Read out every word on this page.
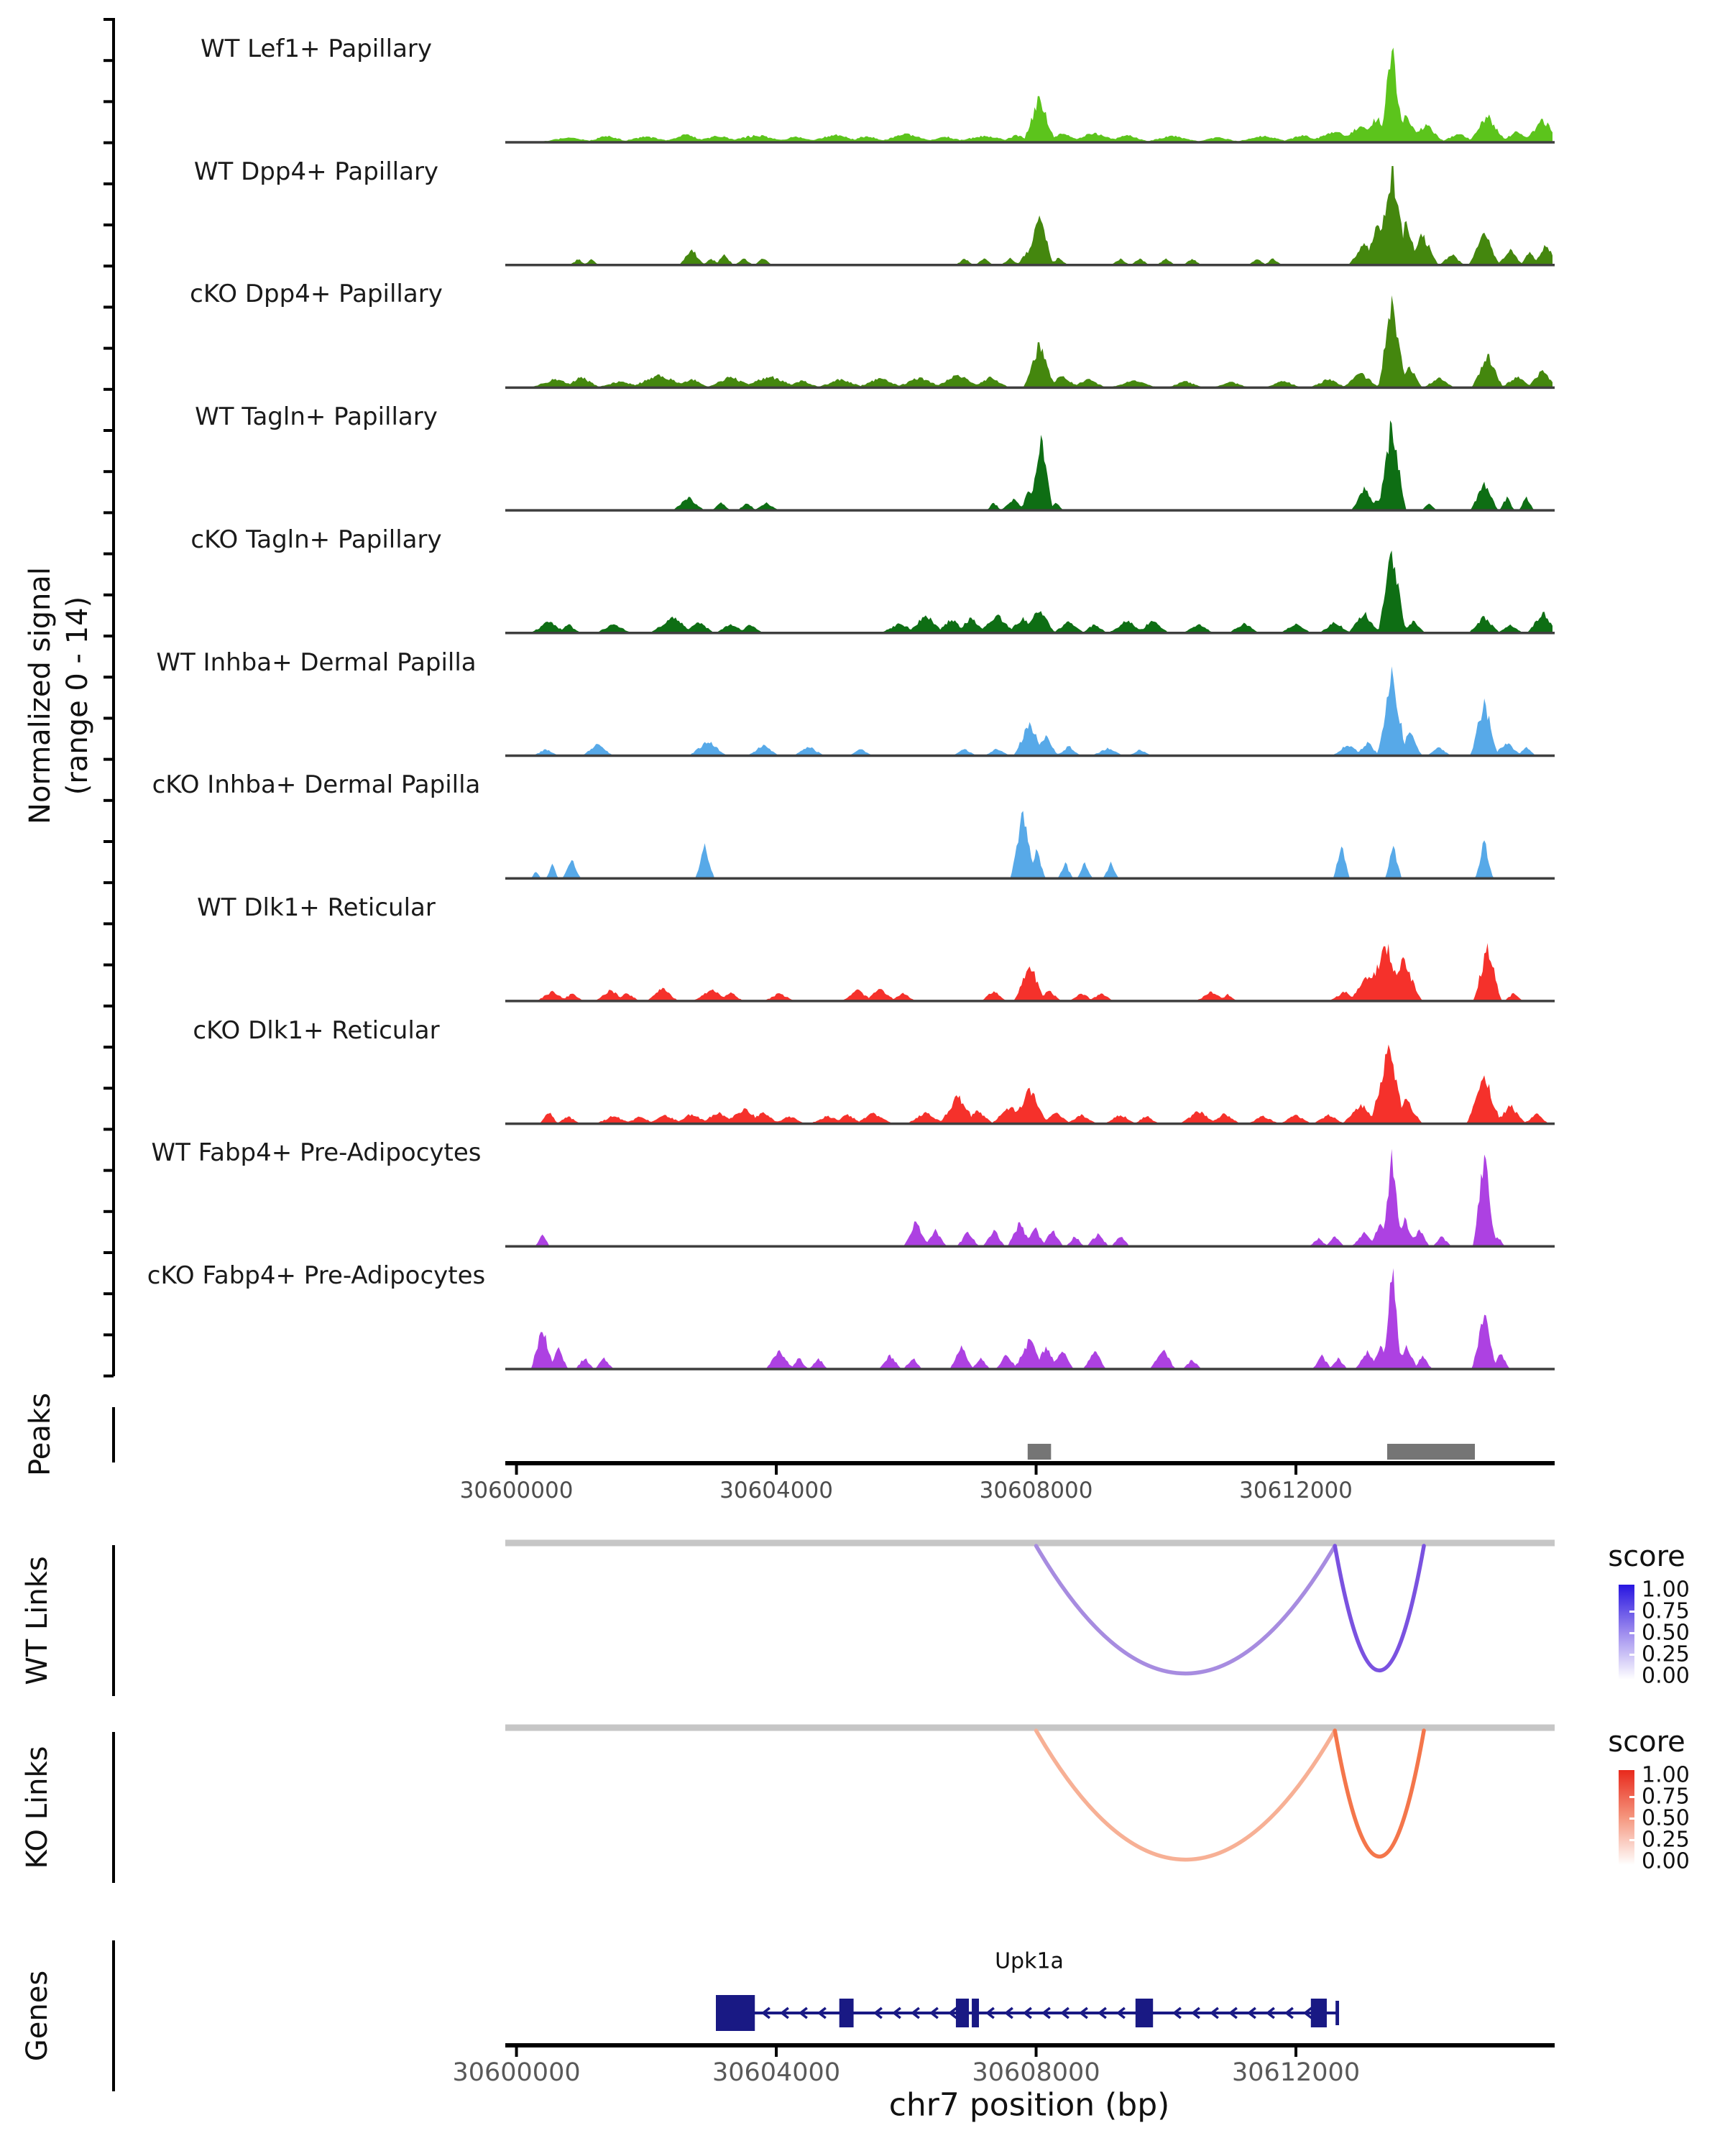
Normalized signal (range 0 - 14)
Peaks
WT Links
KO Links
Genes
WT Lef1+ Papillary
WT Dpp4+ Papillary
cKO Dpp4+ Papillary
WT Tagln+ Papillary
cKO Tagln+ Papillary
WT Inhba+ Dermal Papilla
cKO Inhba+ Dermal Papilla
WT Dlk1+ Reticular
cKO Dlk1+ Reticular
WT Fabp4+ Pre-Adipocytes
cKO Fabp4+ Pre-Adipocytes
30600000	30604000	30608000	30612000
30600000	30604000	30608000	30612000
score
1.00
0.75
0.50
0.25
0.00
score
1.00
0.75
0.50
0.25
0.00
Upk1a
chr7 position (bp)
